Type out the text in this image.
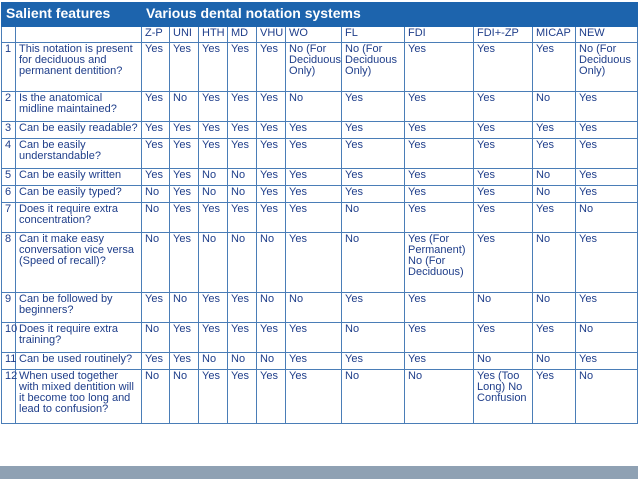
Salient features		Various dental notation systems										
		Z-P	UNI	HTH	MD	VHU	WO	FL	FDI	FDI+-ZP	MICAP	NEW
1	This notation is present for deciduous and permanent dentition?	Yes	Yes	Yes	Yes	Yes	No (For Deciduous Only)	No (For Deciduous Only)	Yes	Yes	Yes	No (For Deciduous Only)
2	Is the anatomical midline maintained?	Yes	No	Yes	Yes	Yes	No	Yes	Yes	Yes	No	Yes
3	Can be easily readable?	Yes	Yes	Yes	Yes	Yes	Yes	Yes	Yes	Yes	Yes	Yes
4	Can be easily understandable?	Yes	Yes	Yes	Yes	Yes	Yes	Yes	Yes	Yes	Yes	Yes
5	Can be easily written	Yes	Yes	No	No	Yes	Yes	Yes	Yes	Yes	No	Yes
6	Can be easily typed?	No	Yes	No	No	Yes	Yes	Yes	Yes	Yes	No	Yes
7	Does it require extra concentration?	No	Yes	Yes	Yes	Yes	Yes	No	Yes	Yes	Yes	No
8	Can it make easy conversation vice versa (Speed of recall)?	No	Yes	No	No	No	Yes	No	Yes (For Permanent) No (For Deciduous)	Yes	No	Yes
9	Can be followed by beginners?	Yes	No	Yes	Yes	No	No	Yes	Yes	No	No	Yes
10	Does it require extra training?	No	Yes	Yes	Yes	Yes	Yes	No	Yes	Yes	Yes	No
11	Can be used routinely?	Yes	Yes	No	No	No	Yes	Yes	Yes	No	No	Yes
12	When used together with mixed dentition will it become too long and lead to confusion?	No	No	Yes	Yes	Yes	Yes	No	No	Yes (Too Long) No Confusion	Yes	No
